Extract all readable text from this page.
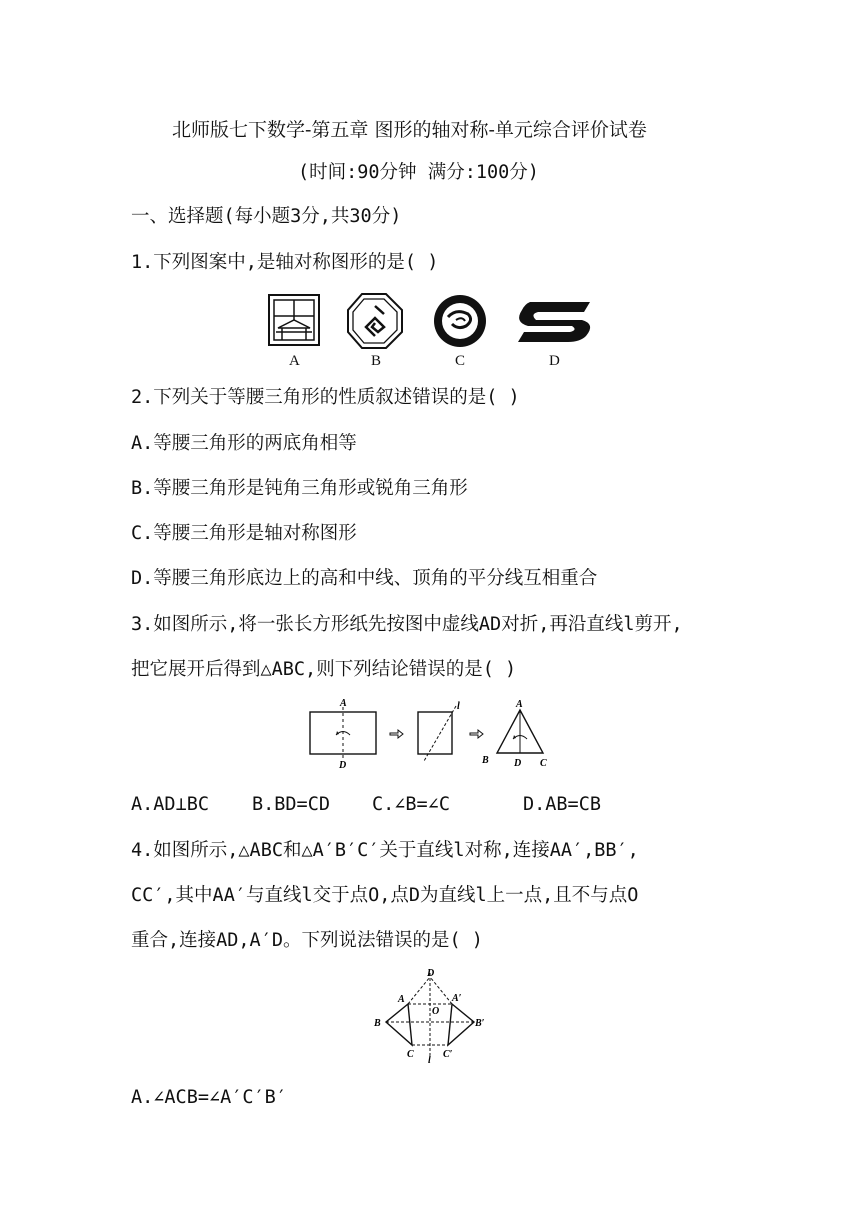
北师版七下数学-第五章 图形的轴对称-单元综合评价试卷
(时间:90分钟 满分:100分)
一、选择题(每小题3分,共30分)
1.下列图案中,是轴对称图形的是( )
A	B	C	D
2.下列关于等腰三角形的性质叙述错误的是( )
A.等腰三角形的两底角相等
B.等腰三角形是钝角三角形或锐角三角形
C.等腰三角形是轴对称图形
D.等腰三角形底边上的高和中线、顶角的平分线互相重合
3.如图所示,将一张长方形纸先按图中虚线AD对折,再沿直线l剪开,
把它展开后得到△ABC,则下列结论错误的是( )
A
D
l	A
B	D C
A.AD⊥BC B.BD=CD C.∠B=∠C	D.AB=CB
4.如图所示,△ABC和△A′B′C′关于直线l对称,连接AA′,BB′,
CC′,其中AA′与直线l交于点O,点D为直线l上一点,且不与点O
重合,连接AD,A′D。下列说法错误的是( )
D
A	A′
O
B	B′
C
l
C′
A.∠ACB=∠A′C′B′
